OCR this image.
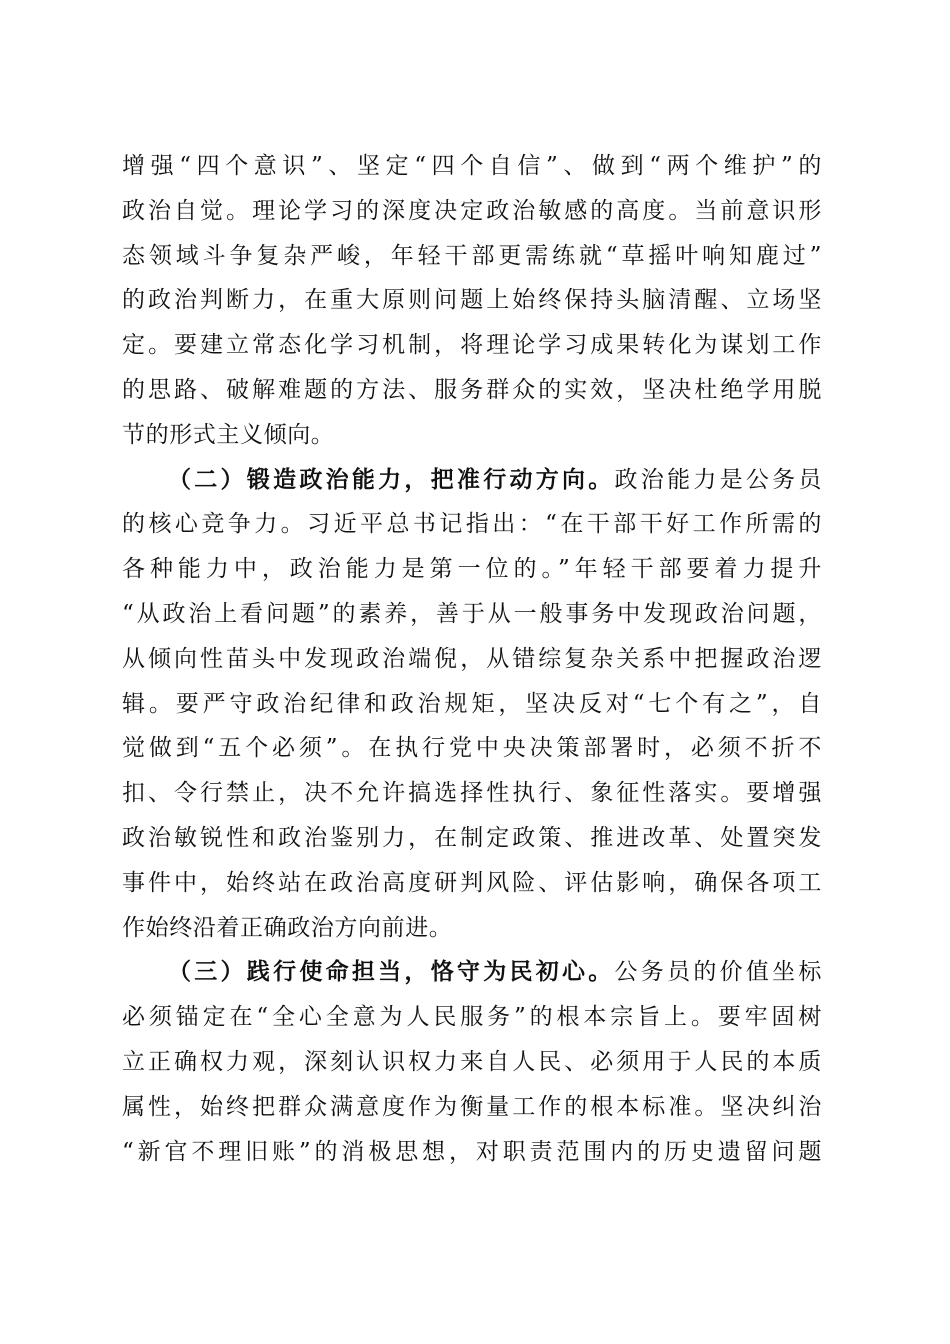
增强“四个意识”、坚定“四个自信”、做到“两个维护”的
政治自觉。理论学习的深度决定政治敏感的高度。当前意识形
态领域斗争复杂严峻，年轻干部更需练就“草摇叶响知鹿过”
的政治判断力，在重大原则问题上始终保持头脑清醒、立场坚
定。要建立常态化学习机制，将理论学习成果转化为谋划工作
的思路、破解难题的方法、服务群众的实效，坚决杜绝学用脱
节的形式主义倾向。
（二）锻造政治能力，把准行动方向。政治能力是公务员
的核心竞争力。习近平总书记指出：“在干部干好工作所需的
各种能力中，政治能力是第一位的。”年轻干部要着力提升
“从政治上看问题”的素养，善于从一般事务中发现政治问题，
从倾向性苗头中发现政治端倪，从错综复杂关系中把握政治逻
辑。要严守政治纪律和政治规矩，坚决反对“七个有之”，自
觉做到“五个必须”。在执行党中央决策部署时，必须不折不
扣、令行禁止，决不允许搞选择性执行、象征性落实。要增强
政治敏锐性和政治鉴别力，在制定政策、推进改革、处置突发
事件中，始终站在政治高度研判风险、评估影响，确保各项工
作始终沿着正确政治方向前进。
（三）践行使命担当，恪守为民初心。公务员的价值坐标
必须锚定在“全心全意为人民服务”的根本宗旨上。要牢固树
立正确权力观，深刻认识权力来自人民、必须用于人民的本质
属性，始终把群众满意度作为衡量工作的根本标准。坚决纠治
“新官不理旧账”的消极思想，对职责范围内的历史遗留问题
